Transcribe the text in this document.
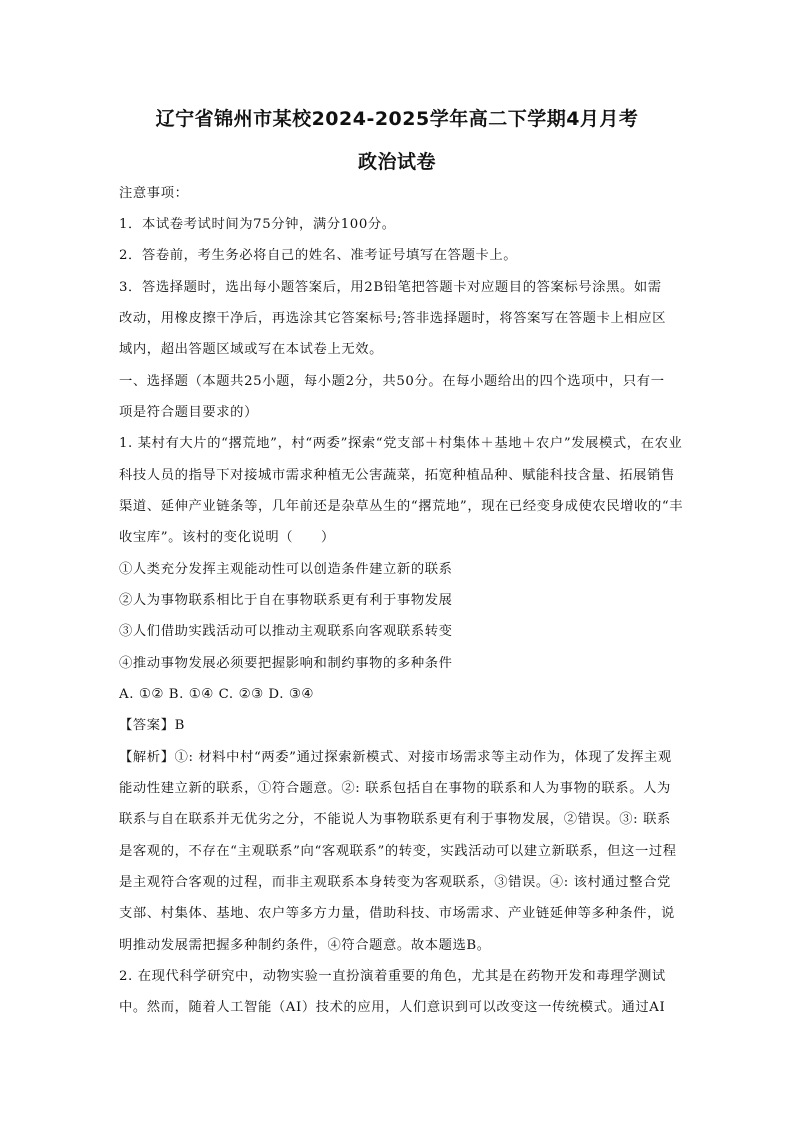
辽宁省锦州市某校2024-2025学年高二下学期4月月考
政治试卷
注意事项：
1．本试卷考试时间为75分钟，满分100分。
2．答卷前，考生务必将自己的姓名、准考证号填写在答题卡上。
3．答选择题时，选出每小题答案后，用2B铅笔把答题卡对应题目的答案标号涂黑。如需
改动，用橡皮擦干净后，再选涂其它答案标号;答非选择题时，将答案写在答题卡上相应区
域内，超出答题区域或写在本试卷上无效。
一、选择题（本题共25小题，每小题2分，共50分。在每小题给出的四个选项中，只有一
项是符合题目要求的）
1. 某村有大片的“撂荒地”，村“两委”探索“党支部＋村集体＋基地＋农户”发展模式，在农业
科技人员的指导下对接城市需求种植无公害蔬菜，拓宽种植品种、赋能科技含量、拓展销售
渠道、延伸产业链条等，几年前还是杂草丛生的“撂荒地”，现在已经变身成使农民增收的“丰
收宝库”。该村的变化说明（　　）
①人类充分发挥主观能动性可以创造条件建立新的联系
②人为事物联系相比于自在事物联系更有利于事物发展
③人们借助实践活动可以推动主观联系向客观联系转变
④推动事物发展必须要把握影响和制约事物的多种条件
A. ①② B. ①④ C. ②③ D. ③④
【答案】B
【解析】①: 材料中村“两委”通过探索新模式、对接市场需求等主动作为，体现了发挥主观
能动性建立新的联系，①符合题意。②: 联系包括自在事物的联系和人为事物的联系。人为
联系与自在联系并无优劣之分，不能说人为事物联系更有利于事物发展，②错误。③: 联系
是客观的，不存在“主观联系”向“客观联系”的转变，实践活动可以建立新联系，但这一过程
是主观符合客观的过程，而非主观联系本身转变为客观联系，③错误。④: 该村通过整合党
支部、村集体、基地、农户等多方力量，借助科技、市场需求、产业链延伸等多种条件，说
明推动发展需把握多种制约条件，④符合题意。故本题选B。
2. 在现代科学研究中，动物实验一直扮演着重要的角色，尤其是在药物开发和毒理学测试
中。然而，随着人工智能（AI）技术的应用，人们意识到可以改变这一传统模式。通过AI
